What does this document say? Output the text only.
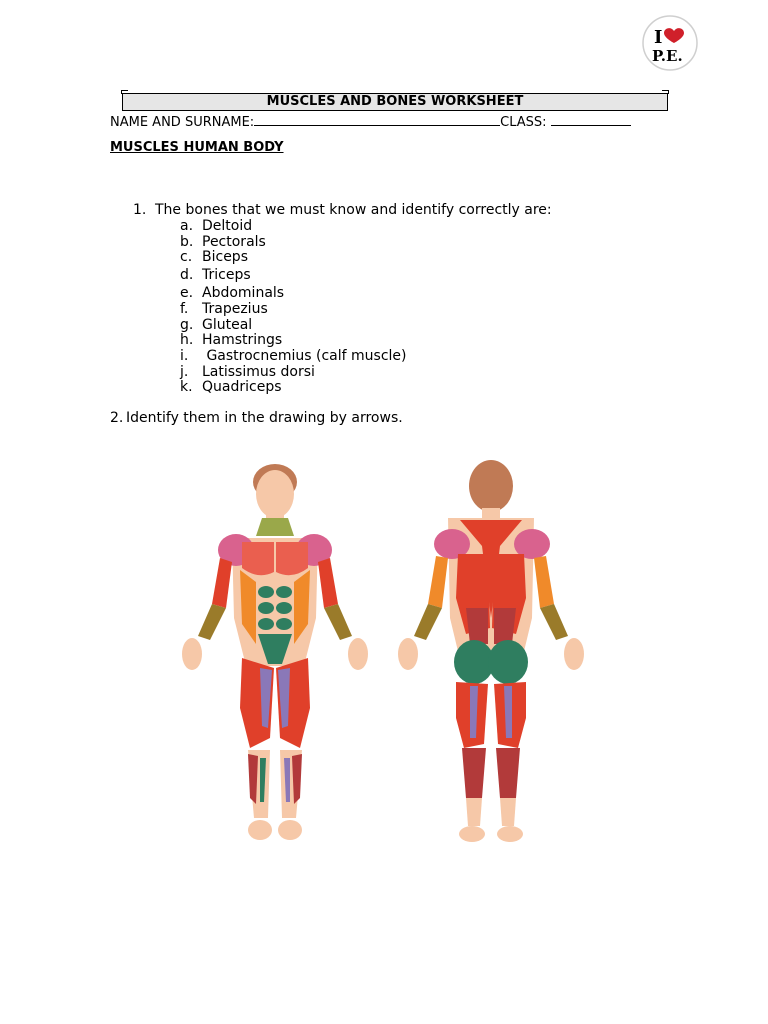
I
P.E.
MUSCLES AND BONES WORKSHEET
NAME AND SURNAME:	CLASS:
MUSCLES HUMAN BODY
1. The bones that we must know and identify correctly are:
a. Deltoid
b. Pectorals
c. Biceps
d. Triceps
e. Abdominals
f. Trapezius
g. Gluteal
h. Hamstrings
i. Gastrocnemius (calf muscle)
j. Latissimus dorsi
k. Quadriceps
2. Identify them in the drawing by arrows.
